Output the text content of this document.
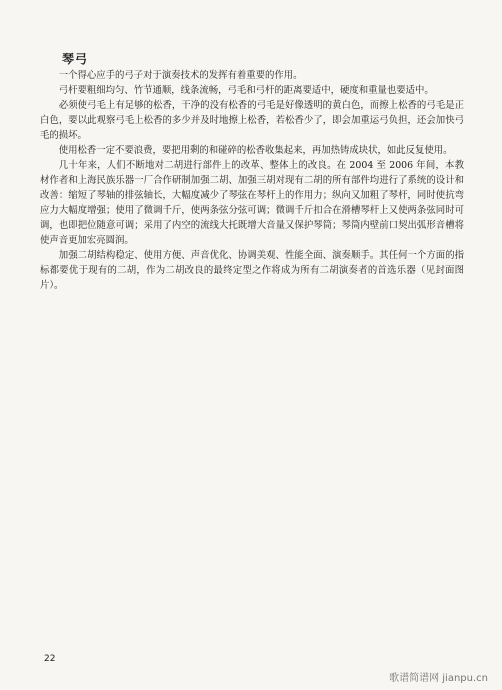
琴弓

一个得心应手的弓子对于演奏技术的发挥有着重要的作用。

弓杆要粗细均匀、竹节通顺，线条流畅，弓毛和弓杆的距离要适中，硬度和重量也要适中。

必须使弓毛上有足够的松香，干净的没有松香的弓毛是好像透明的黄白色，而擦上松香的弓毛是正白色，要以此观察弓毛上松香的多少并及时地擦上松香，若松香少了，即会加重运弓负担，还会加快弓毛的损坏。

使用松香一定不要浪费，要把用剩的和碰碎的松香收集起来，再加热铸成块状，如此反复使用。

几十年来，人们不断地对二胡进行部件上的改革、整体上的改良。在 2004 至 2006 年间，本教材作者和上海民族乐器一厂合作研制加强二胡、加强三胡对现有二胡的所有部件均进行了系统的设计和改善：缩短了琴轴的排弦轴长，大幅度减少了琴弦在琴杆上的作用力；纵向又加粗了琴杆，同时使抗弯应力大幅度增强；使用了微调千斤，使两条弦分弦可调；微调千斤扣合在滑槽琴杆上又使两条弦同时可调，也即把位随意可调；采用了内空的流线大托既增大音量又保护琴筒；琴筒内壁前口契出弧形音槽将使声音更加宏亮圆润。

加强二胡结构稳定、使用方便、声音优化、协调美观、性能全面、演奏顺手。其任何一个方面的指标都要优于现有的二胡，作为二胡改良的最终定型之作将成为所有二胡演奏者的首选乐器（见封面图片）。

22
歌谱简谱网 jianpu.cn
